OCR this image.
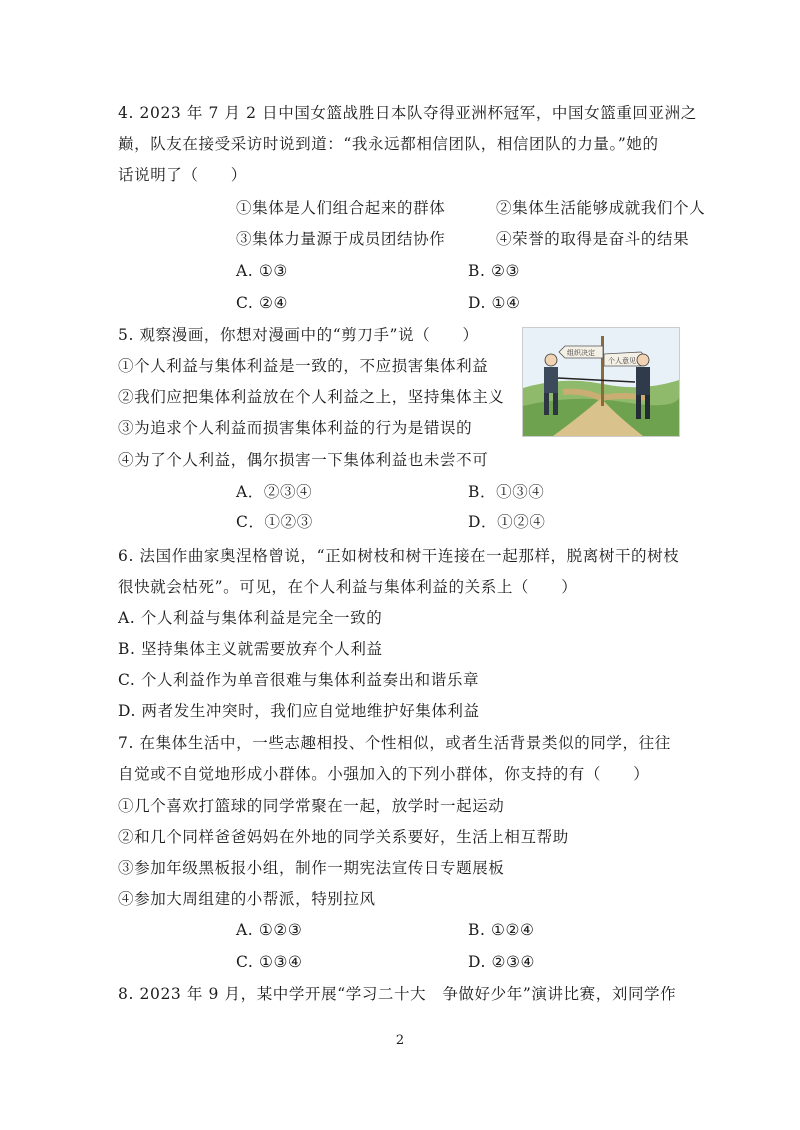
4. 2023 年 7 月 2 日中国女篮战胜日本队夺得亚洲杯冠军，中国女篮重回亚洲之
巅，队友在接受采访时说到道：“我永远都相信团队，相信团队的力量。”她的
话说明了（　　）
①集体是人们组合起来的群体	②集体生活能够成就我们个人
③集体力量源于成员团结协作	④荣誉的取得是奋斗的结果
A. ①③	B. ②③
C. ②④	D. ①④
5. 观察漫画，你想对漫画中的“剪刀手”说（　　）
①个人利益与集体利益是一致的，不应损害集体利益
②我们应把集体利益放在个人利益之上，坚持集体主义
③为追求个人利益而损害集体利益的行为是错误的
④为了个人利益，偶尔损害一下集体利益也未尝不可
A．②③④	B．①③④
C．①②③	D．①②④
组织决定
个人意见
6. 法国作曲家奥涅格曾说，“正如树枝和树干连接在一起那样，脱离树干的树枝
很快就会枯死”。可见，在个人利益与集体利益的关系上（　　）
A. 个人利益与集体利益是完全一致的
B. 坚持集体主义就需要放弃个人利益
C. 个人利益作为单音很难与集体利益奏出和谐乐章
D. 两者发生冲突时，我们应自觉地维护好集体利益
7. 在集体生活中，一些志趣相投、个性相似，或者生活背景类似的同学，往往
自觉或不自觉地形成小群体。小强加入的下列小群体，你支持的有（　　）
①几个喜欢打篮球的同学常聚在一起，放学时一起运动
②和几个同样爸爸妈妈在外地的同学关系要好，生活上相互帮助
③参加年级黑板报小组，制作一期宪法宣传日专题展板
④参加大周组建的小帮派，特别拉风
A. ①②③	B. ①②④
C. ①③④	D. ②③④
8. 2023 年 9 月，某中学开展“学习二十大　争做好少年”演讲比赛，刘同学作
2
